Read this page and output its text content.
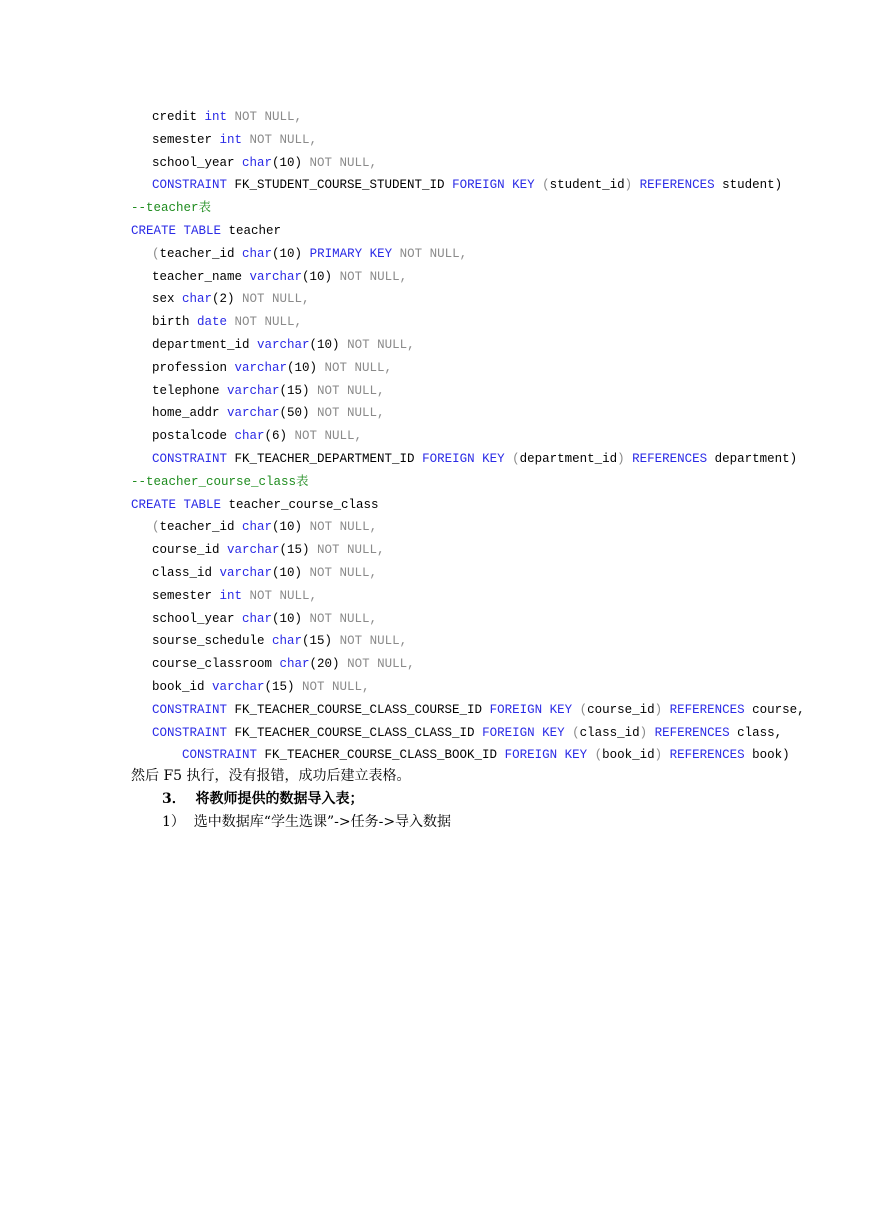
credit int NOT NULL,
semester int NOT NULL,
school_year char(10) NOT NULL,
CONSTRAINT FK_STUDENT_COURSE_STUDENT_ID FOREIGN KEY (student_id) REFERENCES student)
--teacher表
CREATE TABLE teacher
(teacher_id char(10) PRIMARY KEY NOT NULL,
teacher_name varchar(10) NOT NULL,
sex char(2) NOT NULL,
birth date NOT NULL,
department_id varchar(10) NOT NULL,
profession varchar(10) NOT NULL,
telephone varchar(15) NOT NULL,
home_addr varchar(50) NOT NULL,
postalcode char(6) NOT NULL,
CONSTRAINT FK_TEACHER_DEPARTMENT_ID FOREIGN KEY (department_id) REFERENCES department)
--teacher_course_class表
CREATE TABLE teacher_course_class
(teacher_id char(10) NOT NULL,
course_id varchar(15) NOT NULL,
class_id varchar(10) NOT NULL,
semester int NOT NULL,
school_year char(10) NOT NULL,
sourse_schedule char(15) NOT NULL,
course_classroom char(20) NOT NULL,
book_id varchar(15) NOT NULL,
CONSTRAINT FK_TEACHER_COURSE_CLASS_COURSE_ID FOREIGN KEY (course_id) REFERENCES course,
CONSTRAINT FK_TEACHER_COURSE_CLASS_CLASS_ID FOREIGN KEY (class_id) REFERENCES class,
CONSTRAINT FK_TEACHER_COURSE_CLASS_BOOK_ID FOREIGN KEY (book_id) REFERENCES book)
然后 F5 执行，没有报错，成功后建立表格。
3．  将教师提供的数据导入表；
1）  选中数据库“学生选课”->任务->导入数据
